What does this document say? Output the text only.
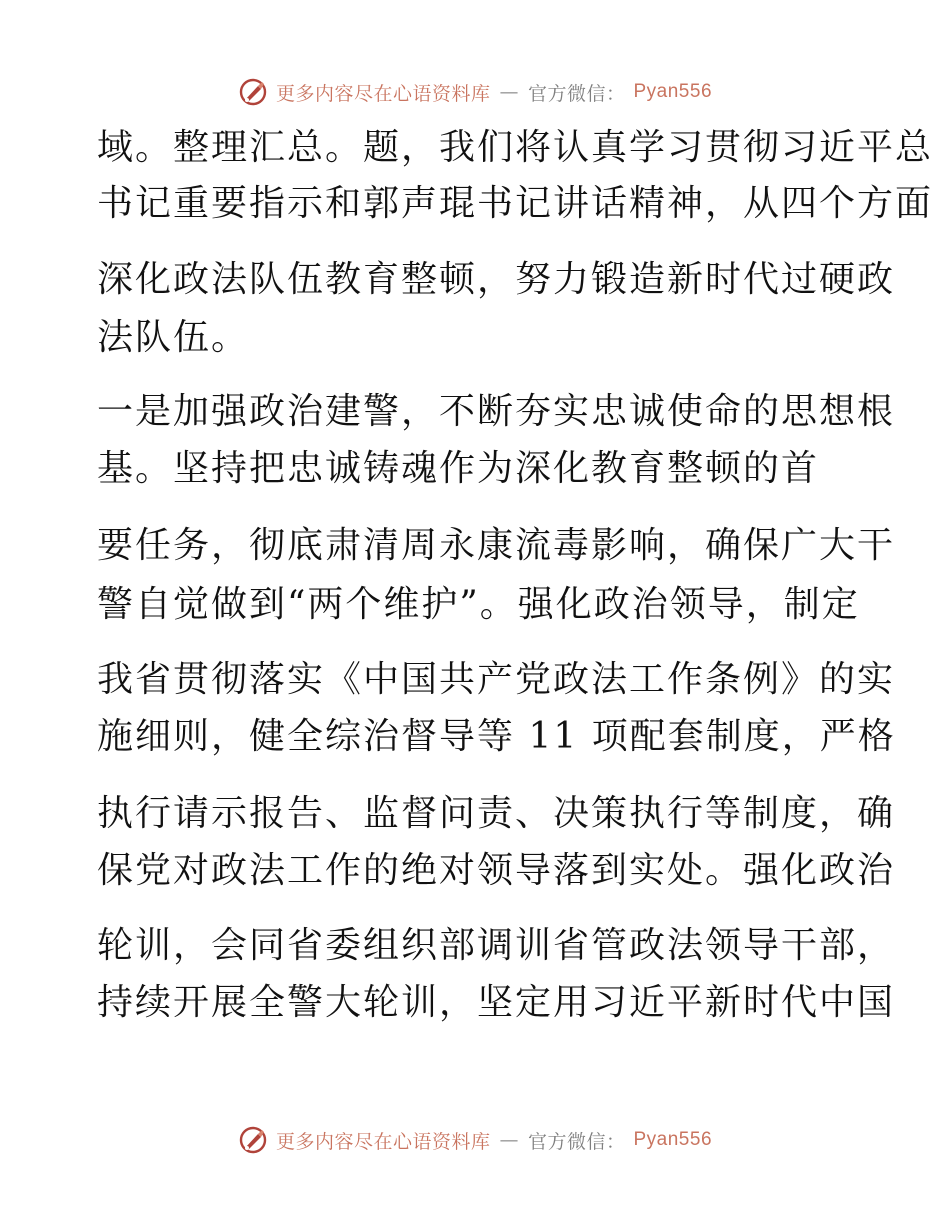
更多内容尽在心语资料库 — 官方微信： Pyan556
域。整理汇总。题，我们将认真学习贯彻习近平总
书记重要指示和郭声琨书记讲话精神，从四个方面
深化政法队伍教育整顿，努力锻造新时代过硬政
法队伍。
一是加强政治建警，不断夯实忠诚使命的思想根
基。坚持把忠诚铸魂作为深化教育整顿的首
要任务，彻底肃清周永康流毒影响，确保广大干
警自觉做到“两个维护”。强化政治领导，制定
我省贯彻落实《中国共产党政法工作条例》的实
施细则，健全综治督导等 11 项配套制度，严格
执行请示报告、监督问责、决策执行等制度，确
保党对政法工作的绝对领导落到实处。强化政治
轮训，会同省委组织部调训省管政法领导干部，
持续开展全警大轮训，坚定用习近平新时代中国
更多内容尽在心语资料库 — 官方微信： Pyan556
